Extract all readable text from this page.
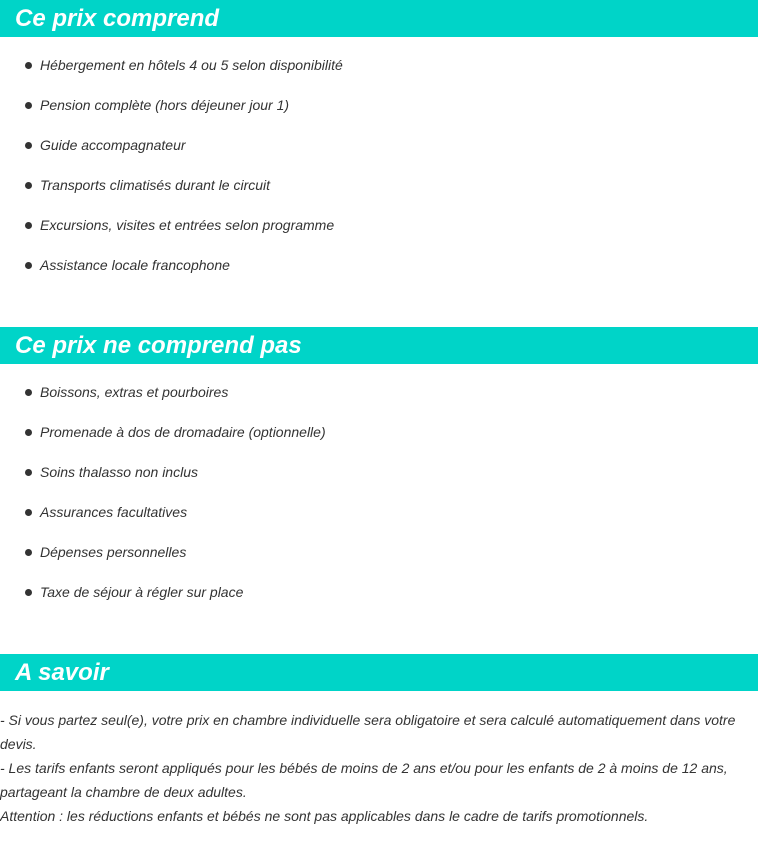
Ce prix comprend
Hébergement en hôtels 4 ou 5 selon disponibilité
Pension complète (hors déjeuner jour 1)
Guide accompagnateur
Transports climatisés durant le circuit
Excursions, visites et entrées selon programme
Assistance locale francophone
Ce prix ne comprend pas
Boissons, extras et pourboires
Promenade à dos de dromadaire (optionnelle)
Soins thalasso non inclus
Assurances facultatives
Dépenses personnelles
Taxe de séjour à régler sur place
A savoir
- Si vous partez seul(e), votre prix en chambre individuelle sera obligatoire et sera calculé automatiquement dans votre devis.
- Les tarifs enfants seront appliqués pour les bébés de moins de 2 ans et/ou pour les enfants de 2 à moins de 12 ans, partageant la chambre de deux adultes.
Attention : les réductions enfants et bébés ne sont pas applicables dans le cadre de tarifs promotionnels.
